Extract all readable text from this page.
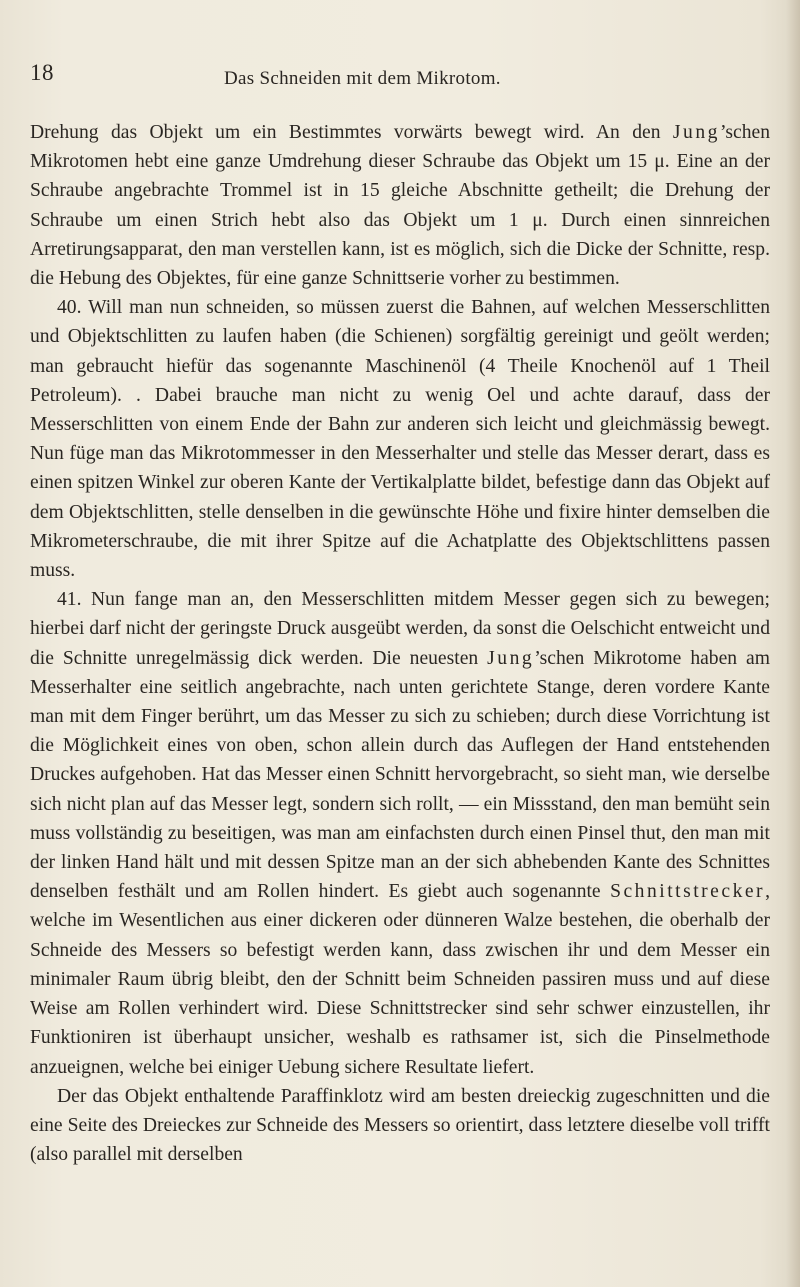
18	Das Schneiden mit dem Mikrotom.

Drehung das Objekt um ein Bestimmtes vorwärts bewegt wird. An den Jung’schen Mikrotomen hebt eine ganze Umdrehung dieser Schraube das Objekt um 15 μ. Eine an der Schraube angebrachte Trommel ist in 15 gleiche Abschnitte getheilt; die Drehung der Schraube um einen Strich hebt also das Objekt um 1 μ. Durch einen sinnreichen Arretirungsapparat, den man verstellen kann, ist es möglich, sich die Dicke der Schnitte, resp. die Hebung des Objektes, für eine ganze Schnittserie vorher zu bestimmen.

40. Will man nun schneiden, so müssen zuerst die Bahnen, auf welchen Messerschlitten und Objektschlitten zu laufen haben (die Schienen) sorgfältig gereinigt und geölt werden; man gebraucht hiefür das sogenannte Maschinenöl (4 Theile Knochenöl auf 1 Theil Petroleum). . Dabei brauche man nicht zu wenig Oel und achte darauf, dass der Messerschlitten von einem Ende der Bahn zur anderen sich leicht und gleichmässig bewegt. Nun füge man das Mikrotommesser in den Messerhalter und stelle das Messer derart, dass es einen spitzen Winkel zur oberen Kante der Vertikalplatte bildet, befestige dann das Objekt auf dem Objektschlitten, stelle denselben in die gewünschte Höhe und fixire hinter demselben die Mikrometerschraube, die mit ihrer Spitze auf die Achatplatte des Objektschlittens passen muss.

41. Nun fange man an, den Messerschlitten mitdem Messer gegen sich zu bewegen; hierbei darf nicht der geringste Druck ausgeübt werden, da sonst die Oelschicht entweicht und die Schnitte unregelmässig dick werden. Die neuesten Jung’schen Mikrotome haben am Messerhalter eine seitlich angebrachte, nach unten gerichtete Stange, deren vordere Kante man mit dem Finger berührt, um das Messer zu sich zu schieben; durch diese Vorrichtung ist die Möglichkeit eines von oben, schon allein durch das Auflegen der Hand entstehenden Druckes aufgehoben. Hat das Messer einen Schnitt hervorgebracht, so sieht man, wie derselbe sich nicht plan auf das Messer legt, sondern sich rollt, — ein Missstand, den man bemüht sein muss vollständig zu beseitigen, was man am einfachsten durch einen Pinsel thut, den man mit der linken Hand hält und mit dessen Spitze man an der sich abhebenden Kante des Schnittes denselben festhält und am Rollen hindert. Es giebt auch sogenannte Schnittstrecker, welche im Wesentlichen aus einer dickeren oder dünneren Walze bestehen, die oberhalb der Schneide des Messers so befestigt werden kann, dass zwischen ihr und dem Messer ein minimaler Raum übrig bleibt, den der Schnitt beim Schneiden passiren muss und auf diese Weise am Rollen verhindert wird. Diese Schnittstrecker sind sehr schwer einzustellen, ihr Funktioniren ist überhaupt unsicher, weshalb es rathsamer ist, sich die Pinselmethode anzueignen, welche bei einiger Uebung sichere Resultate liefert.

Der das Objekt enthaltende Paraffinklotz wird am besten dreieckig zugeschnitten und die eine Seite des Dreieckes zur Schneide des Messers so orientirt, dass letztere dieselbe voll trifft (also parallel mit derselben
